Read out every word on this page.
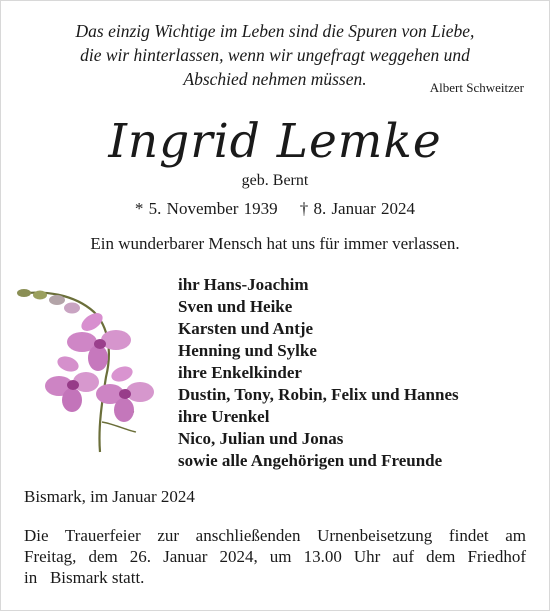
Das einzig Wichtige im Leben sind die Spuren von Liebe,
die wir hinterlassen, wenn wir ungefragt weggehen und
Abschied nehmen müssen.	Albert Schweitzer
Ingrid Lemke
geb. Bernt
* 5. November 1939 † 8. Januar 2024
Ein wunderbarer Mensch hat uns für immer verlassen.
ihr Hans-Joachim
Sven und Heike
Karsten und Antje
Henning und Sylke
ihre Enkelkinder
Dustin, Tony, Robin, Felix und Hannes
ihre Urenkel
Nico, Julian und Jonas
sowie alle Angehörigen und Freunde
Bismark, im Januar 2024
Die Trauerfeier zur anschließenden Urnenbeisetzung findet am
Freitag, dem 26. Januar 2024, um 13.00 Uhr auf dem Friedhof
in   Bismark statt.
